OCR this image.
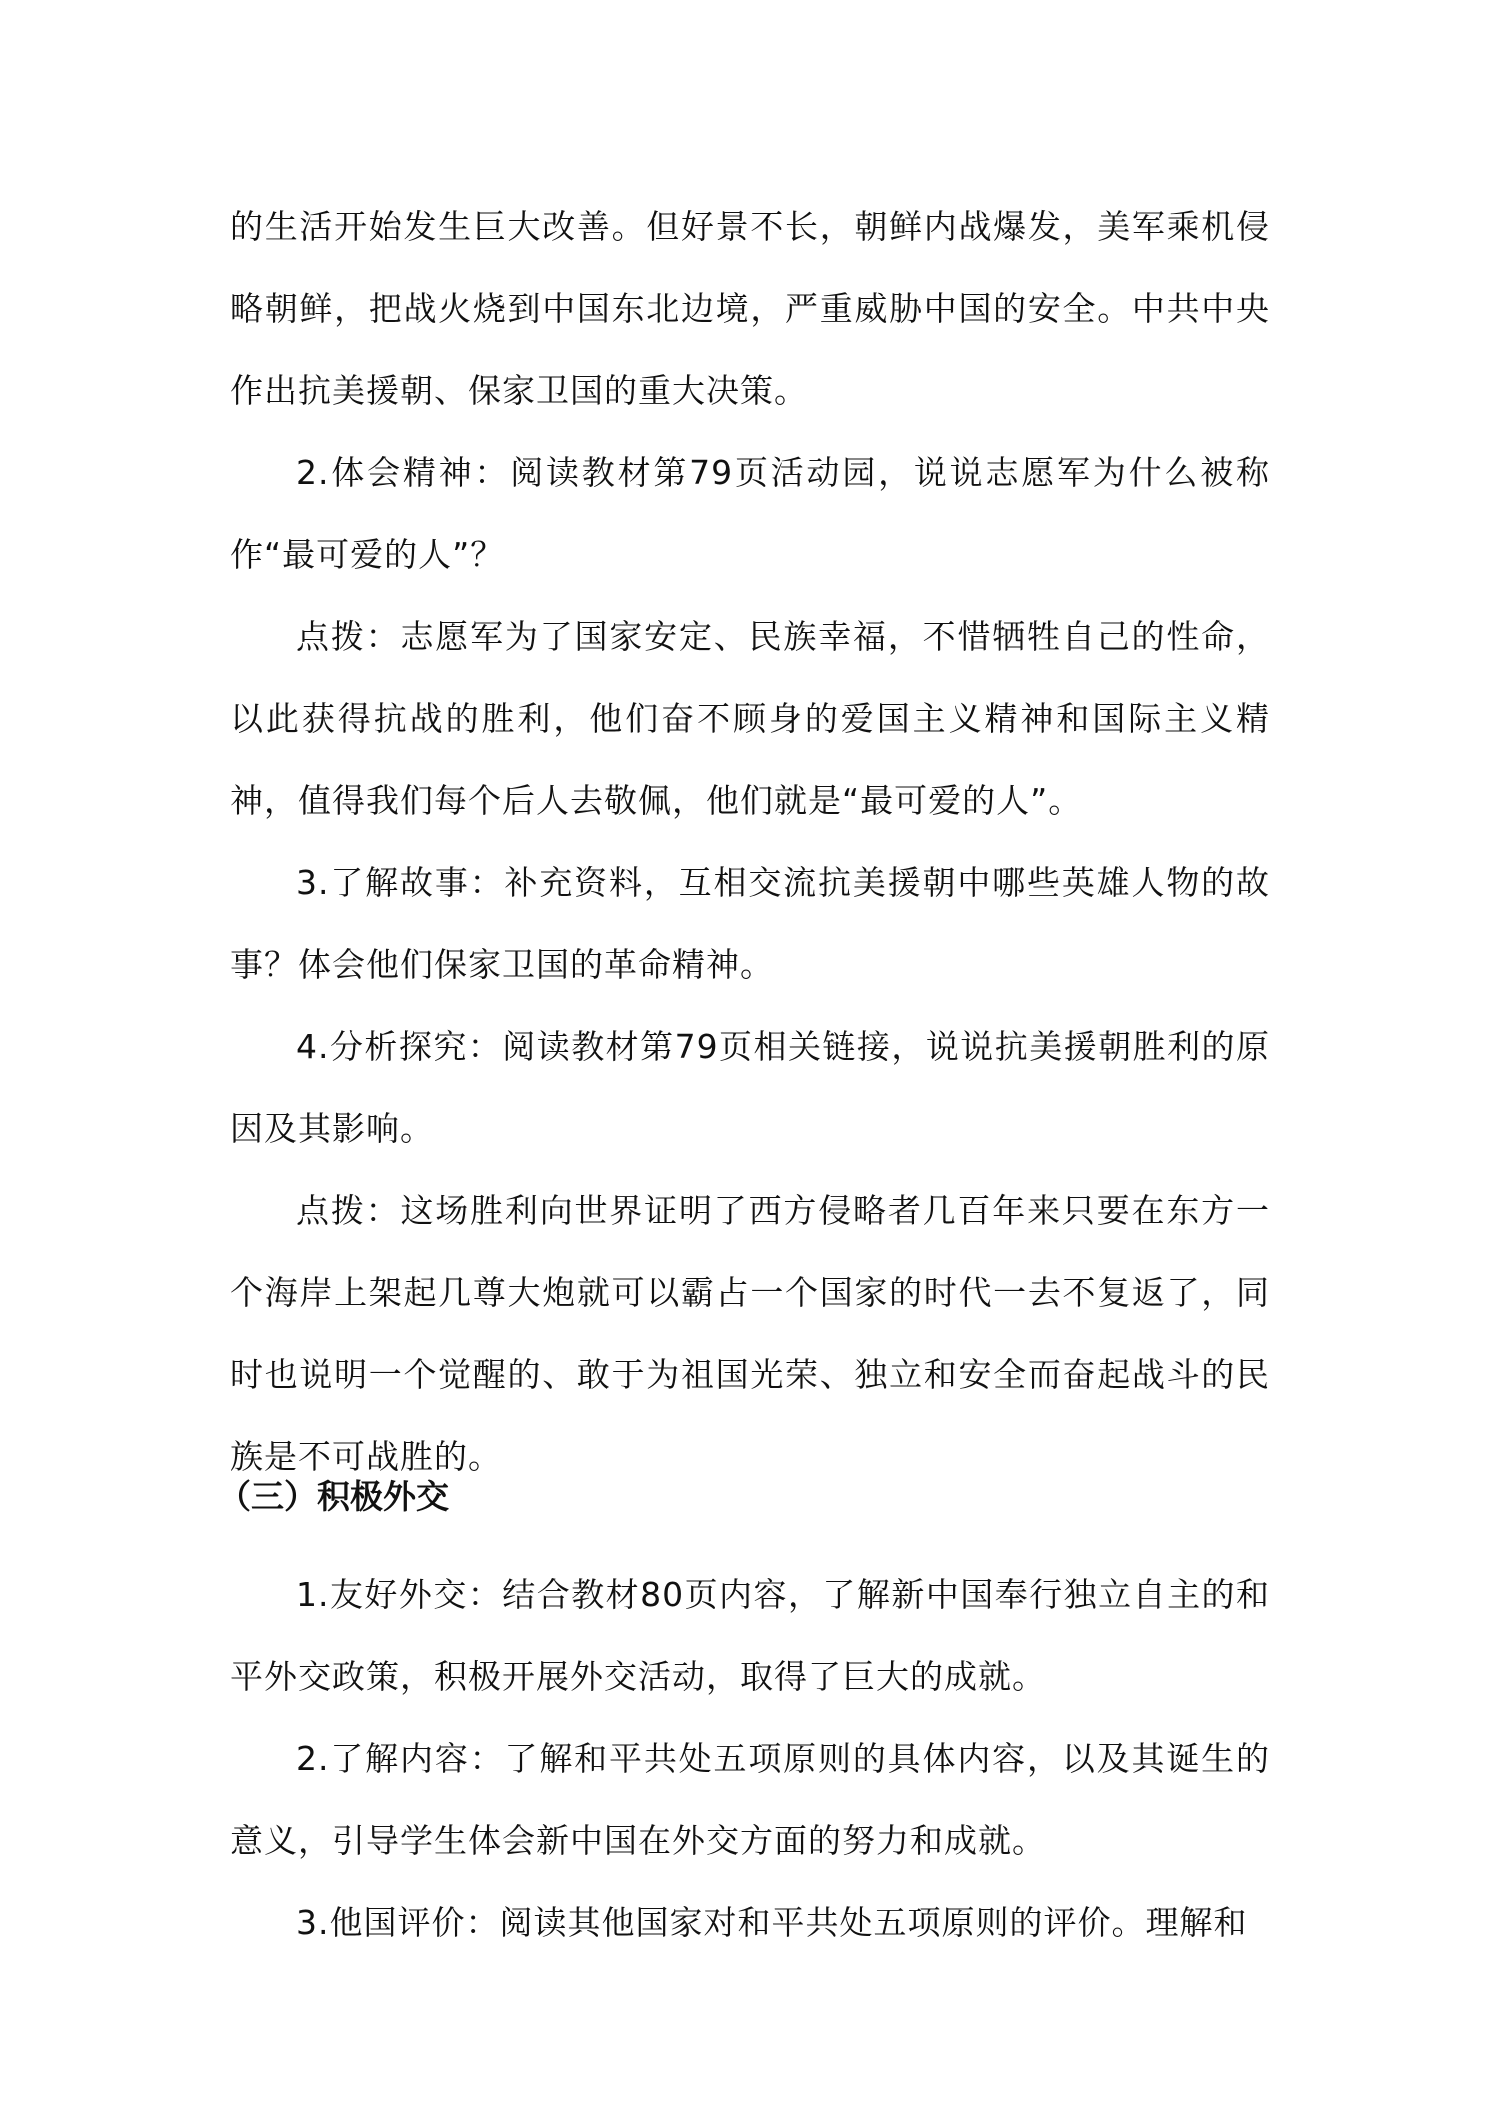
的生活开始发生巨大改善。但好景不长，朝鲜内战爆发，美军乘机侵略朝鲜，把战火烧到中国东北边境，严重威胁中国的安全。中共中央作出抗美援朝、保家卫国的重大决策。

2.体会精神：阅读教材第79页活动园，说说志愿军为什么被称作“最可爱的人”？

点拨：志愿军为了国家安定、民族幸福，不惜牺牲自己的性命，以此获得抗战的胜利，他们奋不顾身的爱国主义精神和国际主义精神，值得我们每个后人去敬佩，他们就是“最可爱的人”。

3.了解故事：补充资料，互相交流抗美援朝中哪些英雄人物的故事？体会他们保家卫国的革命精神。

4.分析探究：阅读教材第79页相关链接，说说抗美援朝胜利的原因及其影响。

点拨：这场胜利向世界证明了西方侵略者几百年来只要在东方一个海岸上架起几尊大炮就可以霸占一个国家的时代一去不复返了，同时也说明一个觉醒的、敢于为祖国光荣、独立和安全而奋起战斗的民族是不可战胜的。

（三）积极外交

1.友好外交：结合教材80页内容，了解新中国奉行独立自主的和平外交政策，积极开展外交活动，取得了巨大的成就。

2.了解内容：了解和平共处五项原则的具体内容，以及其诞生的意义，引导学生体会新中国在外交方面的努力和成就。

3.他国评价：阅读其他国家对和平共处五项原则的评价。理解和
